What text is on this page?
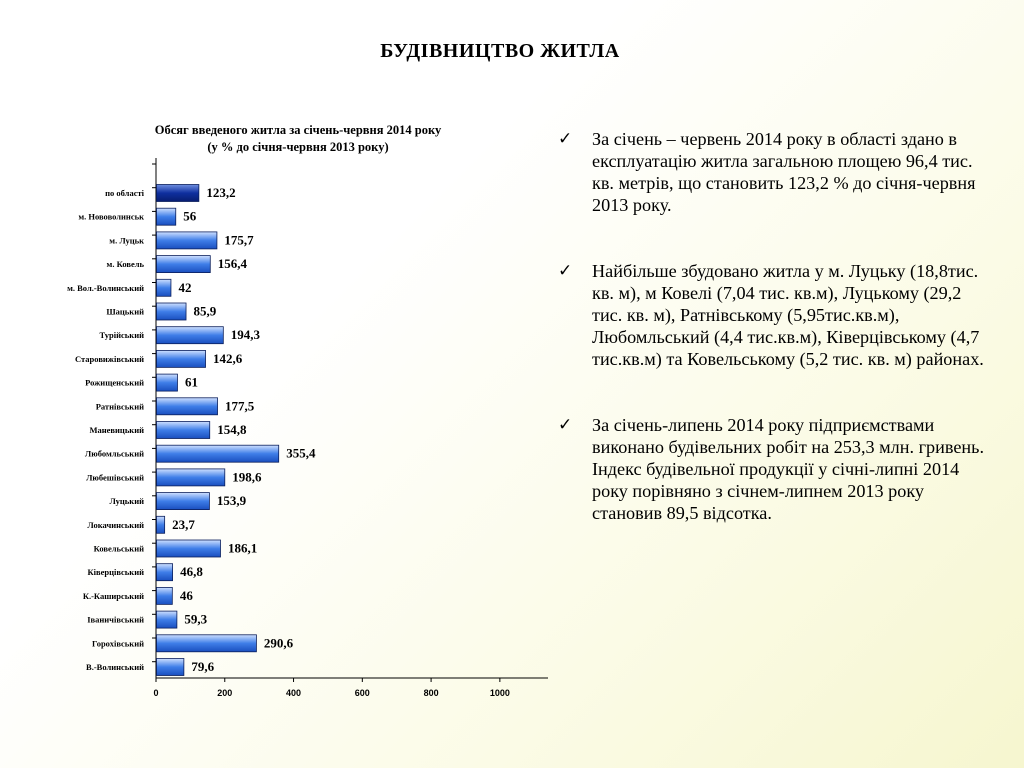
БУДІВНИЦТВО ЖИТЛА
Обсяг введеного житла за січень-червня 2014 року
(у % до січня-червня 2013 року)
0	200	400	600	800	1000
по області	123,2
м. Нововолинськ	56
м. Луцьк	175,7
м. Ковель	156,4
м. Вол.-Волинський	42
Шацький	85,9
Турійський	194,3
Старовижівський	142,6
Рожищенський	61
Ратнівський	177,5
Маневицький	154,8
Любомльський	355,4
Любешівський	198,6
Луцький	153,9
Локачинський 23,7
Ковельський	186,1
Ківерцівський	46,8
К.-Каширський	46
Іваничівський	59,3
Горохівський	290,6
В.-Волинський	79,6
✓ За січень – червень 2014 року в області здано в експлуатацію житла загальною площею 96,4 тис. кв. метрів, що становить 123,2 % до січня-червня 2013 року.
✓ Найбільше збудовано житла у м. Луцьку (18,8тис. кв. м), м Ковелі (7,04 тис. кв.м), Луцькому (29,2 тис. кв. м), Ратнівському (5,95тис.кв.м), Любомльський (4,4 тис.кв.м), Ківерцівському (4,7 тис.кв.м) та Ковельському (5,2 тис. кв. м) районах.
✓ За січень-липень 2014 року підприємствами виконано будівельних робіт на 253,3 млн. гривень. Індекс будівельної продукції у січні-липні 2014 року порівняно з січнем-липнем 2013 року становив 89,5 відсотка.
